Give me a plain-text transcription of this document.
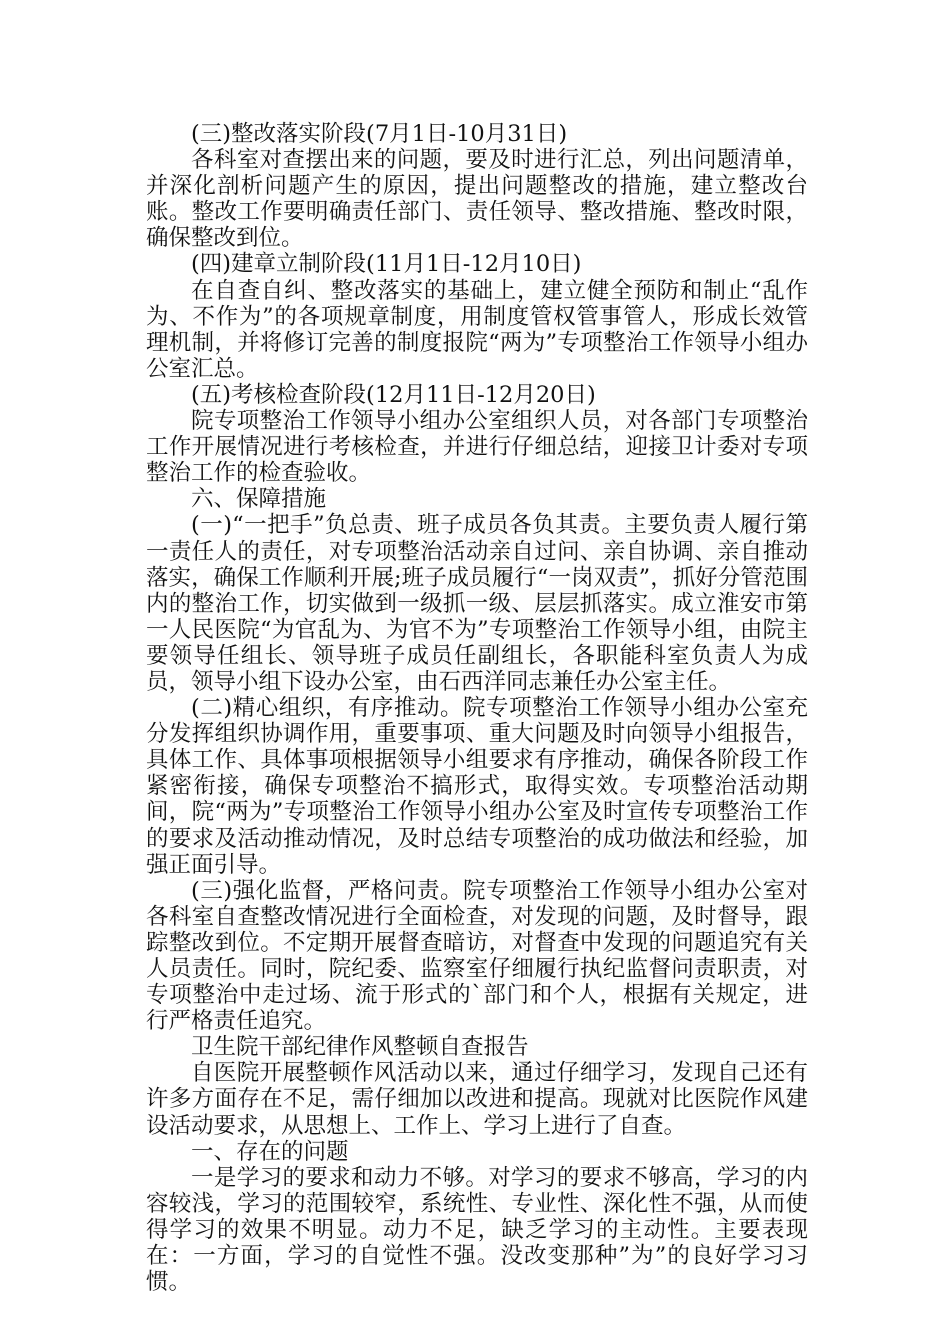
(三)整改落实阶段(7月1日-10月31日)

各科室对查摆出来的问题，要及时进行汇总，列出问题清单，并深化剖析问题产生的原因，提出问题整改的措施，建立整改台账。整改工作要明确责任部门、责任领导、整改措施、整改时限，确保整改到位。

(四)建章立制阶段(11月1日-12月10日)

在自查自纠、整改落实的基础上，建立健全预防和制止“乱作为、不作为”的各项规章制度，用制度管权管事管人，形成长效管理机制，并将修订完善的制度报院“两为”专项整治工作领导小组办公室汇总。

(五)考核检查阶段(12月11日-12月20日)

院专项整治工作领导小组办公室组织人员，对各部门专项整治工作开展情况进行考核检查，并进行仔细总结，迎接卫计委对专项整治工作的检查验收。

六、保障措施

(一)“一把手”负总责、班子成员各负其责。主要负责人履行第一责任人的责任，对专项整治活动亲自过问、亲自协调、亲自推动落实，确保工作顺利开展;班子成员履行“一岗双责”，抓好分管范围内的整治工作，切实做到一级抓一级、层层抓落实。成立淮安市第一人民医院“为官乱为、为官不为”专项整治工作领导小组，由院主要领导任组长、领导班子成员任副组长，各职能科室负责人为成员，领导小组下设办公室，由石西洋同志兼任办公室主任。

(二)精心组织，有序推动。院专项整治工作领导小组办公室充分发挥组织协调作用，重要事项、重大问题及时向领导小组报告，具体工作、具体事项根据领导小组要求有序推动，确保各阶段工作紧密衔接，确保专项整治不搞形式，取得实效。专项整治活动期间，院“两为”专项整治工作领导小组办公室及时宣传专项整治工作的要求及活动推动情况，及时总结专项整治的成功做法和经验，加强正面引导。

(三)强化监督，严格问责。院专项整治工作领导小组办公室对各科室自查整改情况进行全面检查，对发现的问题，及时督导，跟踪整改到位。不定期开展督查暗访，对督查中发现的问题追究有关人员责任。同时，院纪委、监察室仔细履行执纪监督问责职责，对专项整治中走过场、流于形式的`部门和个人，根据有关规定，进行严格责任追究。

卫生院干部纪律作风整顿自查报告

自医院开展整顿作风活动以来，通过仔细学习，发现自己还有许多方面存在不足，需仔细加以改进和提高。现就对比医院作风建设活动要求，从思想上、工作上、学习上进行了自查。

一、存在的问题

一是学习的要求和动力不够。对学习的要求不够高，学习的内容较浅，学习的范围较窄，系统性、专业性、深化性不强，从而使得学习的效果不明显。动力不足，缺乏学习的主动性。主要表现在：一方面，学习的自觉性不强。没改变那种”为”的良好学习习惯。
